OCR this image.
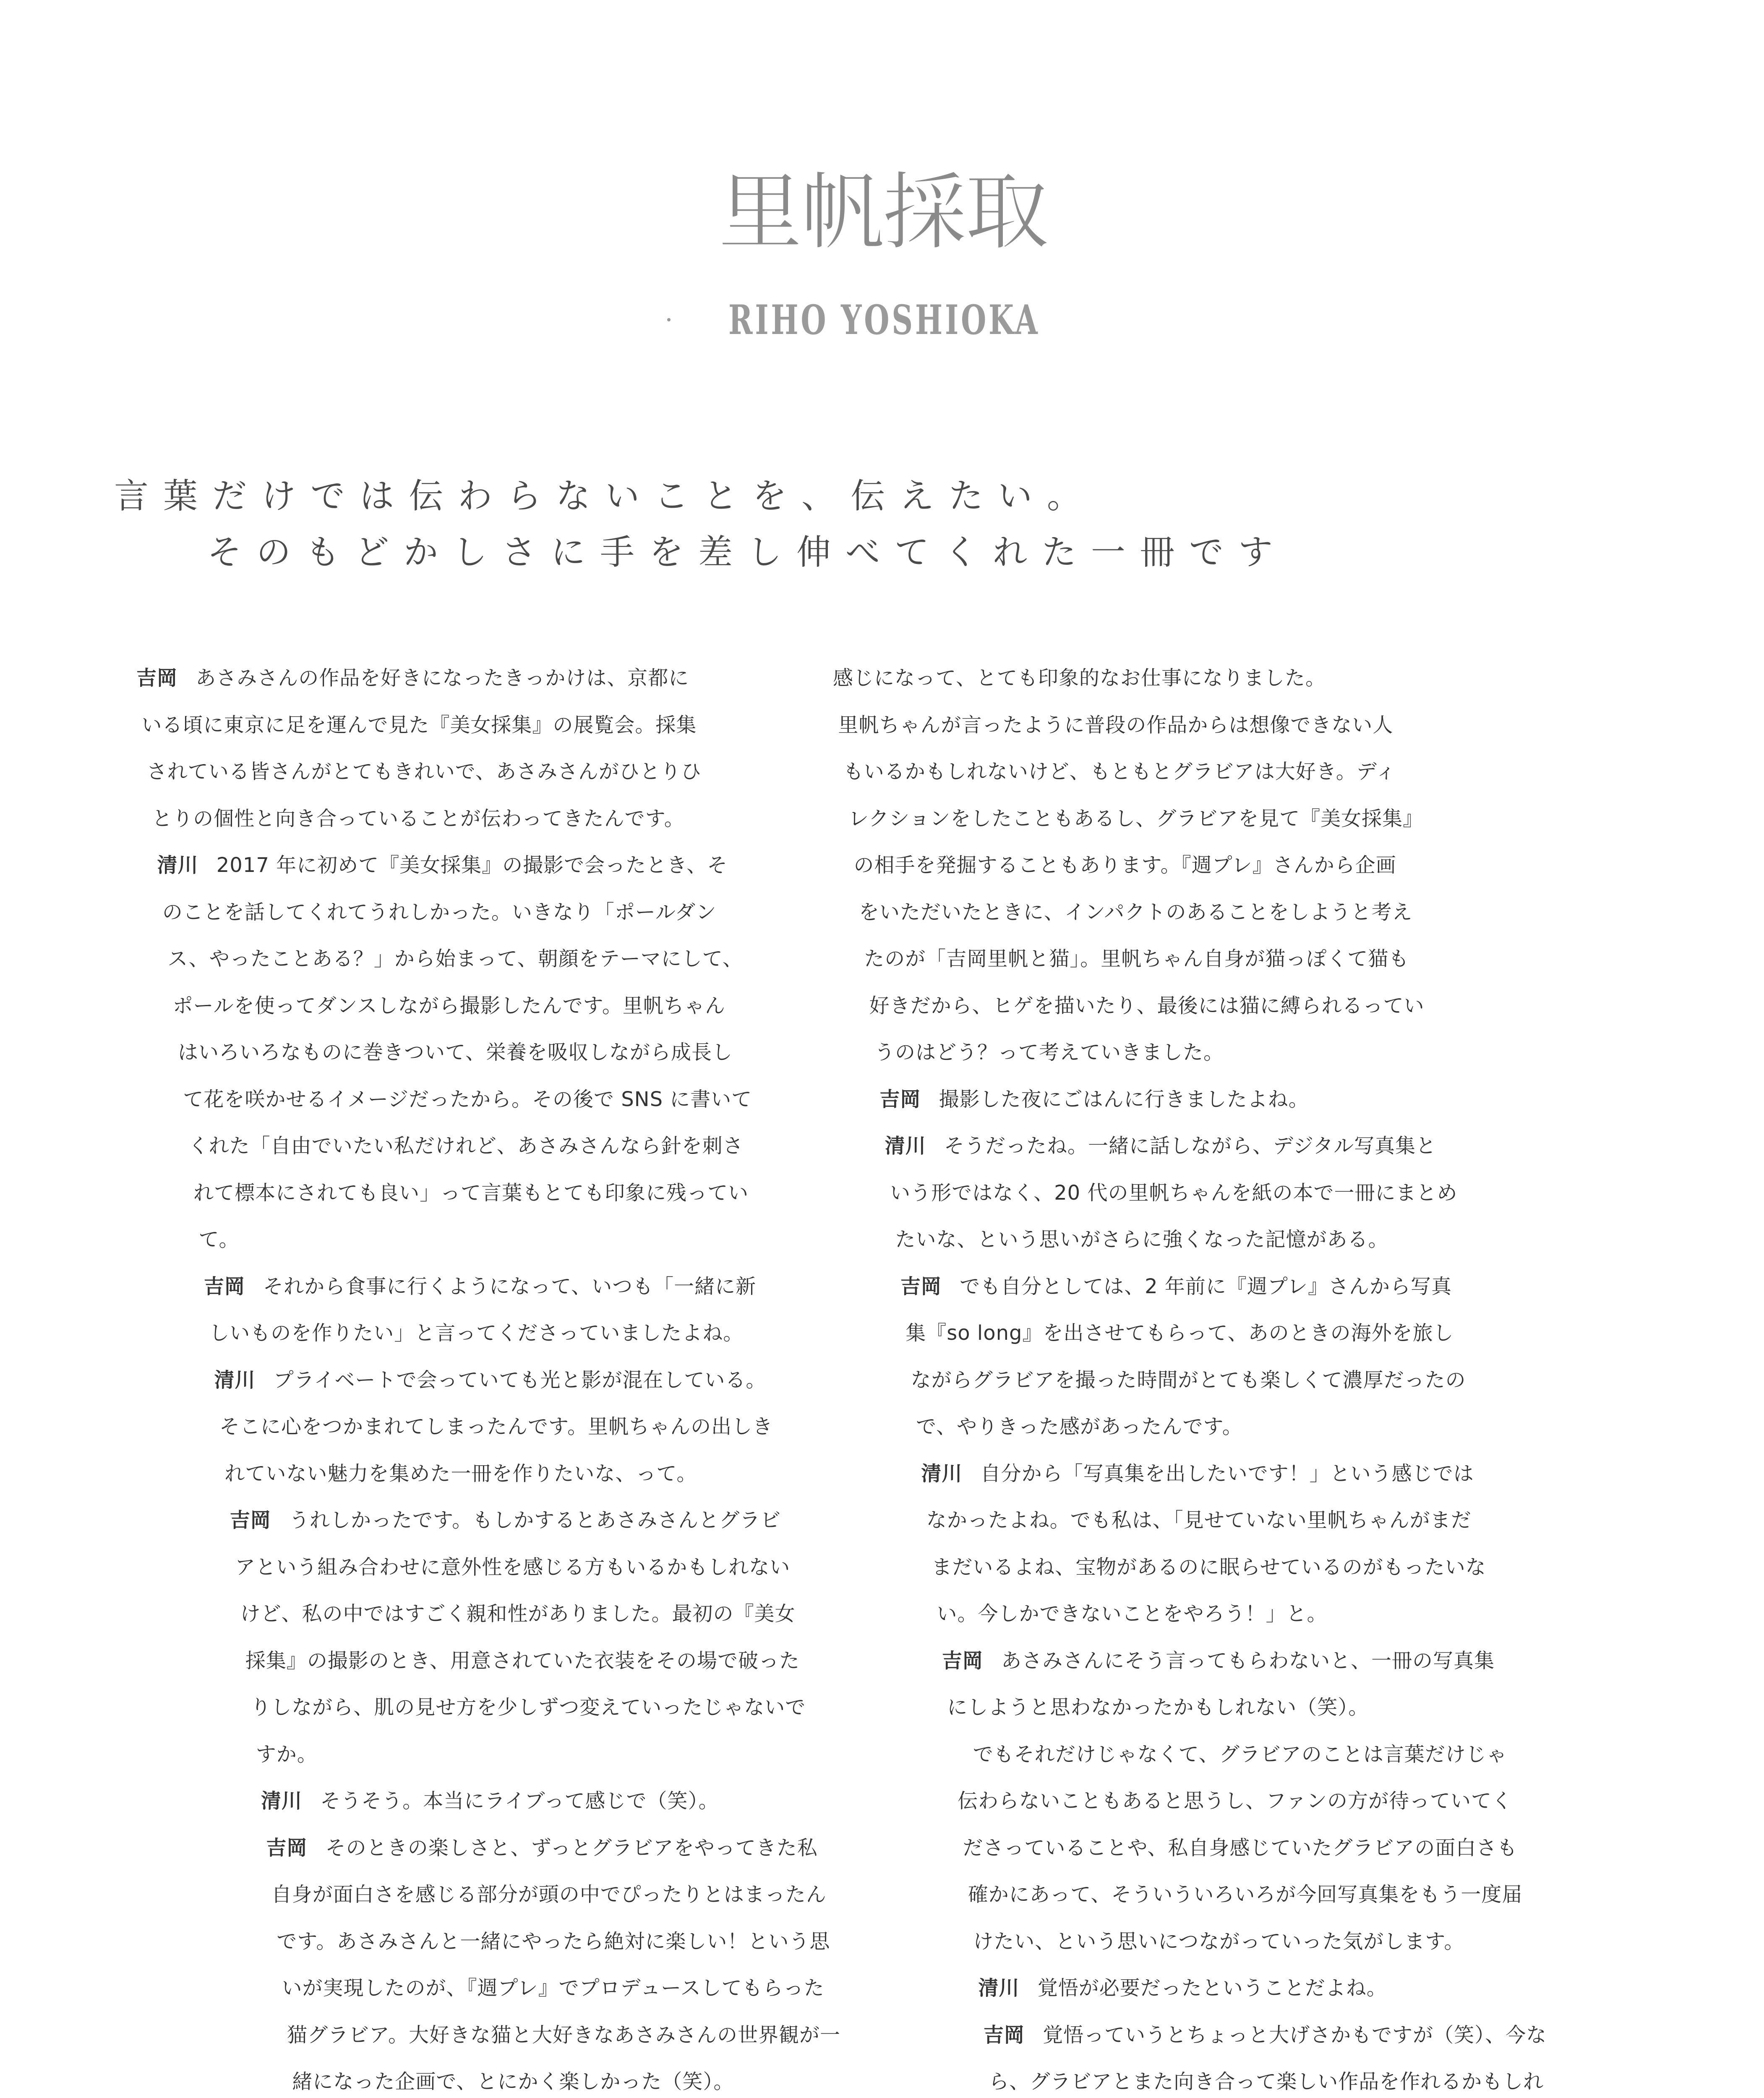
里帆採取
RIHO YOSHIOKA

言葉だけでは伝わらないことを、伝えたい。

そのもどかしさに手を差し伸べてくれた一冊です

吉岡 あさみさんの作品を好きになったきっかけは、京都に

いる頃に東京に足を運んで見た『美女採集』の展覧会。採集

されている皆さんがとてもきれいで、あさみさんがひとりひ

とりの個性と向き合っていることが伝わってきたんです。

清川 2017 年に初めて『美女採集』の撮影で会ったとき、そ

のことを話してくれてうれしかった。いきなり「ポールダン

ス、やったことある？」から始まって、朝顔をテーマにして、

ポールを使ってダンスしながら撮影したんです。里帆ちゃん

はいろいろなものに巻きついて、栄養を吸収しながら成長し

て花を咲かせるイメージだったから。その後で SNS に書いて

くれた「自由でいたい私だけれど、あさみさんなら針を刺さ

れて標本にされても良い」って言葉もとても印象に残ってい

て。

吉岡 それから食事に行くようになって、いつも「一緒に新

しいものを作りたい」と言ってくださっていましたよね。

清川 プライベートで会っていても光と影が混在している。

そこに心をつかまれてしまったんです。里帆ちゃんの出しき

れていない魅力を集めた一冊を作りたいな、って。

吉岡 うれしかったです。もしかするとあさみさんとグラビ

アという組み合わせに意外性を感じる方もいるかもしれない

けど、私の中ではすごく親和性がありました。最初の『美女

採集』の撮影のとき、用意されていた衣装をその場で破った

りしながら、肌の見せ方を少しずつ変えていったじゃないで

すか。

清川 そうそう。本当にライブって感じで（笑）。

吉岡 そのときの楽しさと、ずっとグラビアをやってきた私

自身が面白さを感じる部分が頭の中でぴったりとはまったん

です。あさみさんと一緒にやったら絶対に楽しい！という思

いが実現したのが、『週プレ』でプロデュースしてもらった

猫グラビア。大好きな猫と大好きなあさみさんの世界観が一

緒になった企画で、とにかく楽しかった（笑）。

感じになって、とても印象的なお仕事になりました。

里帆ちゃんが言ったように普段の作品からは想像できない人

もいるかもしれないけど、もともとグラビアは大好き。ディ

レクションをしたこともあるし、グラビアを見て『美女採集』

の相手を発掘することもあります。『週プレ』さんから企画

をいただいたときに、インパクトのあることをしようと考え

たのが「吉岡里帆と猫」。里帆ちゃん自身が猫っぽくて猫も

好きだから、ヒゲを描いたり、最後には猫に縛られるってい

うのはどう？って考えていきました。

吉岡 撮影した夜にごはんに行きましたよね。

清川 そうだったね。一緒に話しながら、デジタル写真集と

いう形ではなく、20 代の里帆ちゃんを紙の本で一冊にまとめ

たいな、という思いがさらに強くなった記憶がある。

吉岡 でも自分としては、2 年前に『週プレ』さんから写真

集『so long』を出させてもらって、あのときの海外を旅し

ながらグラビアを撮った時間がとても楽しくて濃厚だったの

で、やりきった感があったんです。

清川 自分から「写真集を出したいです！」という感じでは

なかったよね。でも私は、「見せていない里帆ちゃんがまだ

まだいるよね、宝物があるのに眠らせているのがもったいな

い。今しかできないことをやろう！」と。

吉岡 あさみさんにそう言ってもらわないと、一冊の写真集

にしようと思わなかったかもしれない（笑）。

　でもそれだけじゃなくて、グラビアのことは言葉だけじゃ

伝わらないこともあると思うし、ファンの方が待っていてく

ださっていることや、私自身感じていたグラビアの面白さも

確かにあって、そういういろいろが今回写真集をもう一度届

けたい、という思いにつながっていった気がします。

清川 覚悟が必要だったということだよね。

吉岡 覚悟っていうとちょっと大げさかもですが（笑）、今な

ら、グラビアとまた向き合って楽しい作品を作れるかもしれ
